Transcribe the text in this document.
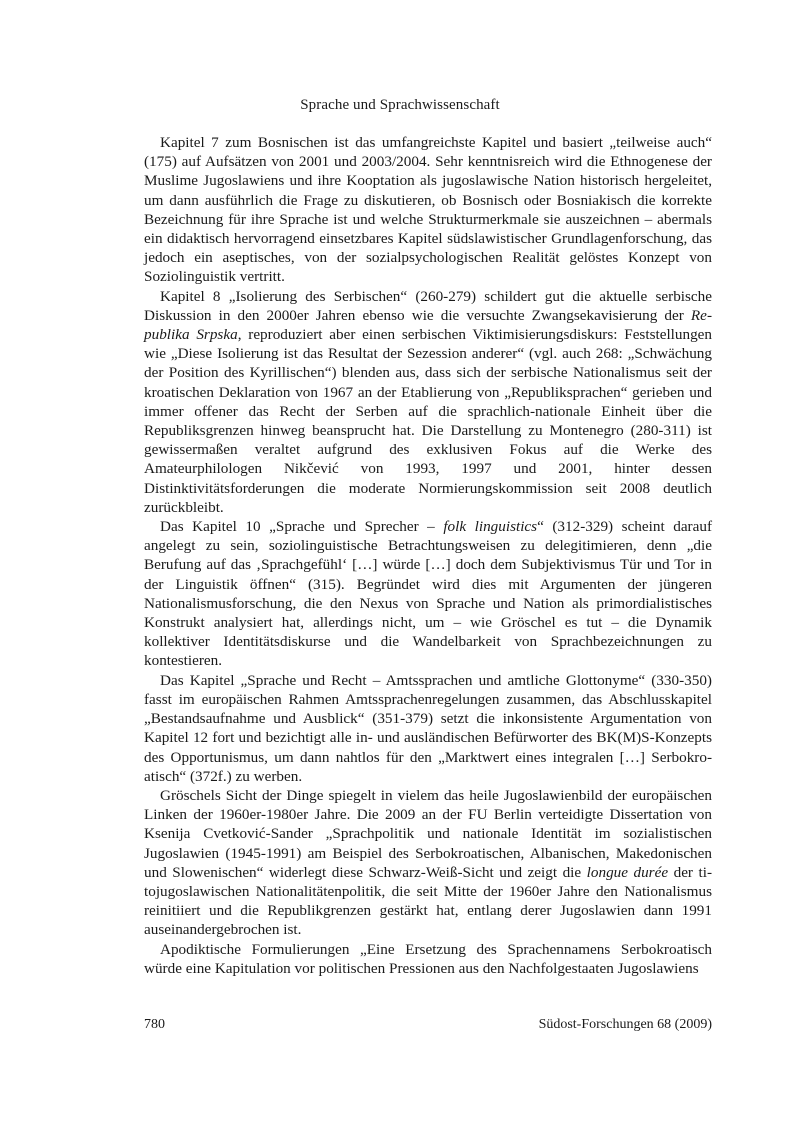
Sprache und Sprachwissenschaft

Kapitel 7 zum Bosnischen ist das umfangreichste Kapitel und basiert „teilweise auch“ (175) auf Aufsätzen von 2001 und 2003/2004. Sehr kenntnisreich wird die Ethnogenese der Muslime Jugoslawiens und ihre Kooptation als jugoslawische Nation historisch hergeleitet, um dann ausführlich die Frage zu diskutieren, ob Bosnisch oder Bosniakisch die korrekte Bezeichnung für ihre Sprache ist und welche Strukturmerkmale sie auszeichnen – abermals ein didaktisch hervorragend einsetzbares Kapitel südslawistischer Grundlagenforschung, das jedoch ein aseptisches, von der sozialpsychologischen Realität gelöstes Konzept von Soziolinguistik vertritt.

Kapitel 8 „Isolierung des Serbischen“ (260-279) schildert gut die aktuelle serbische Diskussion in den 2000er Jahren ebenso wie die versuchte Zwangsekavisierung der Republika Srpska, reproduziert aber einen serbischen Viktimisierungsdiskurs: Feststellungen wie „Diese Isolierung ist das Resultat der Sezession anderer“ (vgl. auch 268: „Schwächung der Position des Kyrillischen“) blenden aus, dass sich der serbische Nationalismus seit der kroatischen Deklaration von 1967 an der Etablierung von „Republiksprachen“ gerieben und immer offener das Recht der Serben auf die sprachlich-nationale Einheit über die Republiksgrenzen hinweg beansprucht hat. Die Darstellung zu Montenegro (280-311) ist gewissermaßen veraltet aufgrund des exklusiven Fokus auf die Werke des Amateurphilologen Nikčević von 1993, 1997 und 2001, hinter dessen Distinktivitätsforderungen die moderate Normierungskommission seit 2008 deutlich zurückbleibt.

Das Kapitel 10 „Sprache und Sprecher – folk linguistics“ (312-329) scheint darauf angelegt zu sein, soziolinguistische Betrachtungsweisen zu delegitimieren, denn „die Berufung auf das ‚Sprachgefühl‘ […] würde […] doch dem Subjektivismus Tür und Tor in der Linguistik öffnen“ (315). Begründet wird dies mit Argumenten der jüngeren Nationalismusforschung, die den Nexus von Sprache und Nation als primordialistisches Konstrukt analysiert hat, allerdings nicht, um – wie Gröschel es tut – die Dynamik kollektiver Identitätsdiskurse und die Wandelbarkeit von Sprachbezeichnungen zu kontestieren.

Das Kapitel „Sprache und Recht – Amtssprachen und amtliche Glottonyme“ (330-350) fasst im europäischen Rahmen Amtssprachenregelungen zusammen, das Abschlusskapitel „Bestandsaufnahme und Ausblick“ (351-379) setzt die inkonsistente Argumentation von Kapitel 12 fort und bezichtigt alle in- und ausländischen Befürworter des BK(M)S-Konzepts des Opportunismus, um dann nahtlos für den „Marktwert eines integralen […] Serbokroatisch“ (372f.) zu werben.

Gröschels Sicht der Dinge spiegelt in vielem das heile Jugoslawienbild der europäischen Linken der 1960er-1980er Jahre. Die 2009 an der FU Berlin verteidigte Dissertation von Ksenija Cvetković-Sander „Sprachpolitik und nationale Identität im sozialistischen Jugoslawien (1945-1991) am Beispiel des Serbokroatischen, Albanischen, Makedonischen und Slowenischen“ widerlegt diese Schwarz-Weiß-Sicht und zeigt die longue durée der titojugoslawischen Nationalitätenpolitik, die seit Mitte der 1960er Jahre den Nationalismus reinitiiert und die Republikgrenzen gestärkt hat, entlang derer Jugoslawien dann 1991 auseinandergebrochen ist.

Apodiktische Formulierungen „Eine Ersetzung des Sprachennamens Serbokroatisch würde eine Kapitulation vor politischen Pressionen aus den Nachfolgestaaten Jugoslawiens

780	Südost-Forschungen 68 (2009)
